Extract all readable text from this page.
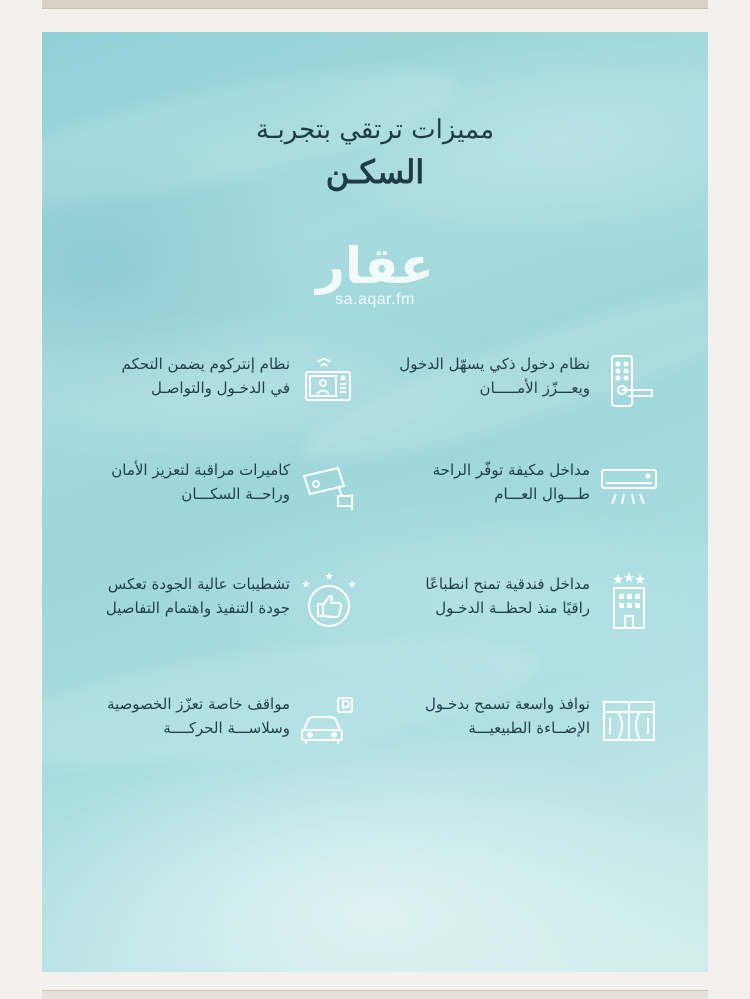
مميزات ترتقي بتجربـة
السكـن
عقار
sa.aqar.fm
نظام دخول ذكي يسهّل الدخول
ويعـــزّز الأمـــــان
نظام إنتركوم يضمن التحكم
في الدخـول والتواصـل
مداخل مكيفة توفّر الراحة
طـــوال العـــام
كاميرات مراقبة لتعزيز الأمان
وراحــة السكـــان
مداخل فندقية تمنح انطباعًا
راقيًا منذ لحظــة الدخـول
تشطيبات عالية الجودة تعكس
جودة التنفيذ واهتمام التفاصيل
نوافذ واسعة تسمح بدخـول
الإضــاءة الطبيعيـــة
مواقف خاصة تعزّز الخصوصية
وسلاســـة الحركــــة
